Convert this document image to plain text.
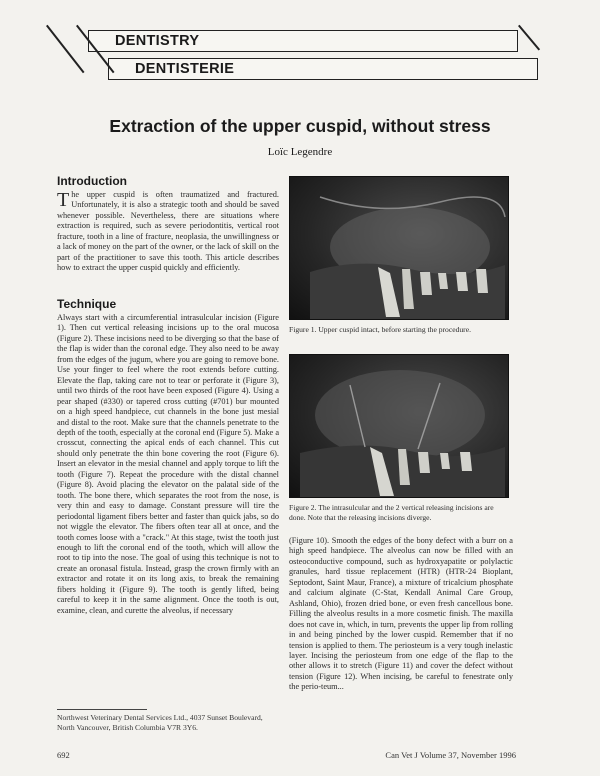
DENTISTRY
DENTISTERIE
Extraction of the upper cuspid, without stress
Loïc Legendre
Introduction

The upper cuspid is often traumatized and fractured. Unfortunately, it is also a strategic tooth and should be saved whenever possible. Nevertheless, there are situations where extraction is required, such as severe periodontitis, vertical root fracture, tooth in a line of fracture, neoplasia, the unwillingness or a lack of money on the part of the owner, or the lack of skill on the part of the practitioner to save this tooth. This article describes how to extract the upper cuspid quickly and efficiently.

Technique

Always start with a circumferential intrasulcular incision (Figure 1). Then cut vertical releasing incisions up to the oral mucosa (Figure 2). These incisions need to be diverging so that the base of the flap is wider than the coronal edge. They also need to be away from the edges of the jugum, where you are going to remove bone. Use your finger to feel where the root extends before cutting. Elevate the flap, taking care not to tear or perforate it (Figure 3), until two thirds of the root have been exposed (Figure 4). Using a pear shaped (#330) or tapered cross cutting (#701) bur mounted on a high speed handpiece, cut channels in the bone just mesial and distal to the root. Make sure that the channels penetrate to the depth of the tooth, especially at the coronal end (Figure 5). Make a crosscut, connecting the apical ends of each channel. This cut should only penetrate the thin bone covering the root (Figure 6). Insert an elevator in the mesial channel and apply torque to lift the tooth (Figure 7). Repeat the procedure with the distal channel (Figure 8). Avoid placing the elevator on the palatal side of the tooth. The bone there, which separates the root from the nose, is very thin and easy to damage. Constant pressure will tire the periodontal ligament fibers better and faster than quick jabs, so do not wiggle the elevator. The fibers often tear all at once, and the tooth comes loose with a "crack." At this stage, twist the tooth just enough to lift the coronal end of the tooth, which will allow the root to tip into the nose. The goal of using this technique is not to create an oronasal fistula. Instead, grasp the crown firmly with an extractor and rotate it on its long axis, to break the remaining fibers holding it (Figure 9). The tooth is gently lifted, being careful to keep it in the same alignment. Once the tooth is out, examine, clean, and curette the alveolus, if necessary

Figure 1. Upper cuspid intact, before starting the procedure.
Figure 2. The intrasulcular and the 2 vertical releasing incisions are done. Note that the releasing incisions diverge.

(Figure 10). Smooth the edges of the bony defect with a burr on a high speed handpiece. The alveolus can now be filled with an osteoconductive compound, such as hydroxyapatite or polylactic granules, hard tissue replacement (HTR) (HTR-24 Bioplant, Septodont, Saint Maur, France), a mixture of tricalcium phosphate and calcium alginate (C-Stat, Kendall Animal Care Group, Ashland, Ohio), frozen dried bone, or even fresh cancellous bone. Filling the alveolus results in a more cosmetic finish. The maxilla does not cave in, which, in turn, prevents the upper lip from rolling in and being pinched by the lower cuspid. Remember that if no tension is applied to them. The periosteum is a very tough inelastic layer. Incising the periosteum from one edge of the flap to the other allows it to stretch (Figure 11) and cover the defect without tension (Figure 12). When incising, be careful to fenestrate only the perio-teum...

Northwest Veterinary Dental Services Ltd., 4037 Sunset Boulevard, North Vancouver, British Columbia V7R 3Y6.
692	Can Vet J Volume 37, November 1996
